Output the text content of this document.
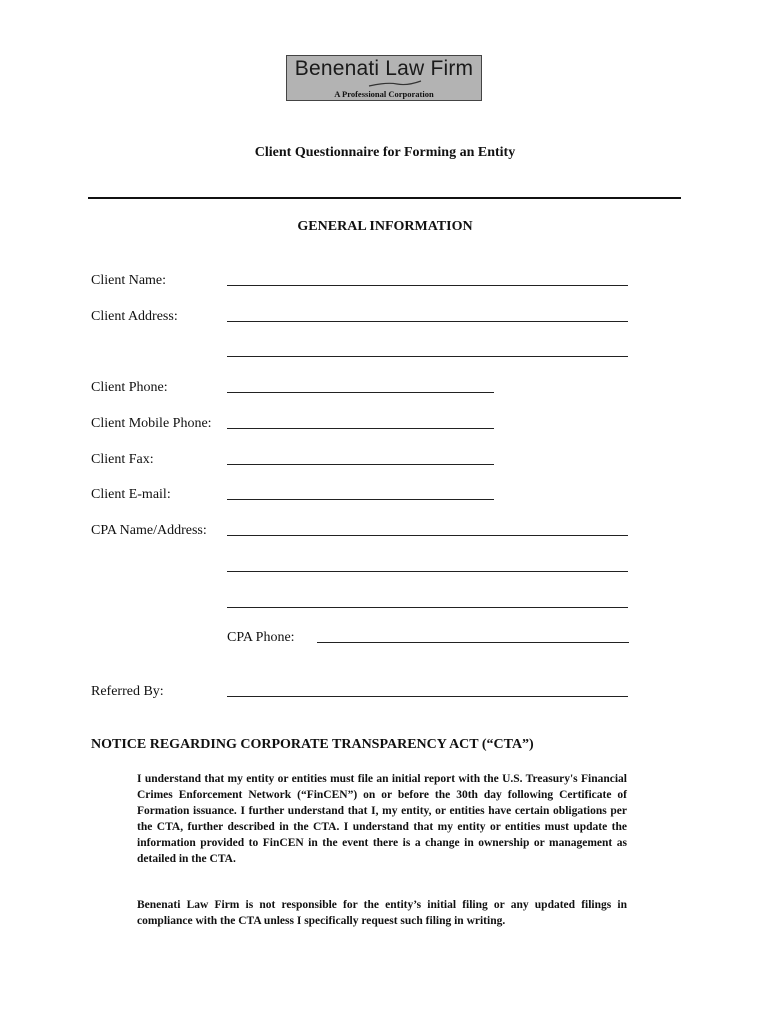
Benenati Law Firm
A Professional Corporation
Client Questionnaire for Forming an Entity
GENERAL INFORMATION
Client Name:
Client Address:
Client Phone:
Client Mobile Phone:
Client Fax:
Client E-mail:
CPA Name/Address:
CPA Phone:
Referred By:
NOTICE REGARDING CORPORATE TRANSPARENCY ACT (“CTA”)

I understand that my entity or entities must file an initial report with the U.S. Treasury's Financial Crimes Enforcement Network (“FinCEN”) on or before the 30th day following Certificate of Formation issuance. I further understand that I, my entity, or entities have certain obligations per the CTA, further described in the CTA. I understand that my entity or entities must update the information provided to FinCEN in the event there is a change in ownership or management as detailed in the CTA.

Benenati Law Firm is not responsible for the entity’s initial filing or any updated filings in compliance with the CTA unless I specifically request such filing in writing.
